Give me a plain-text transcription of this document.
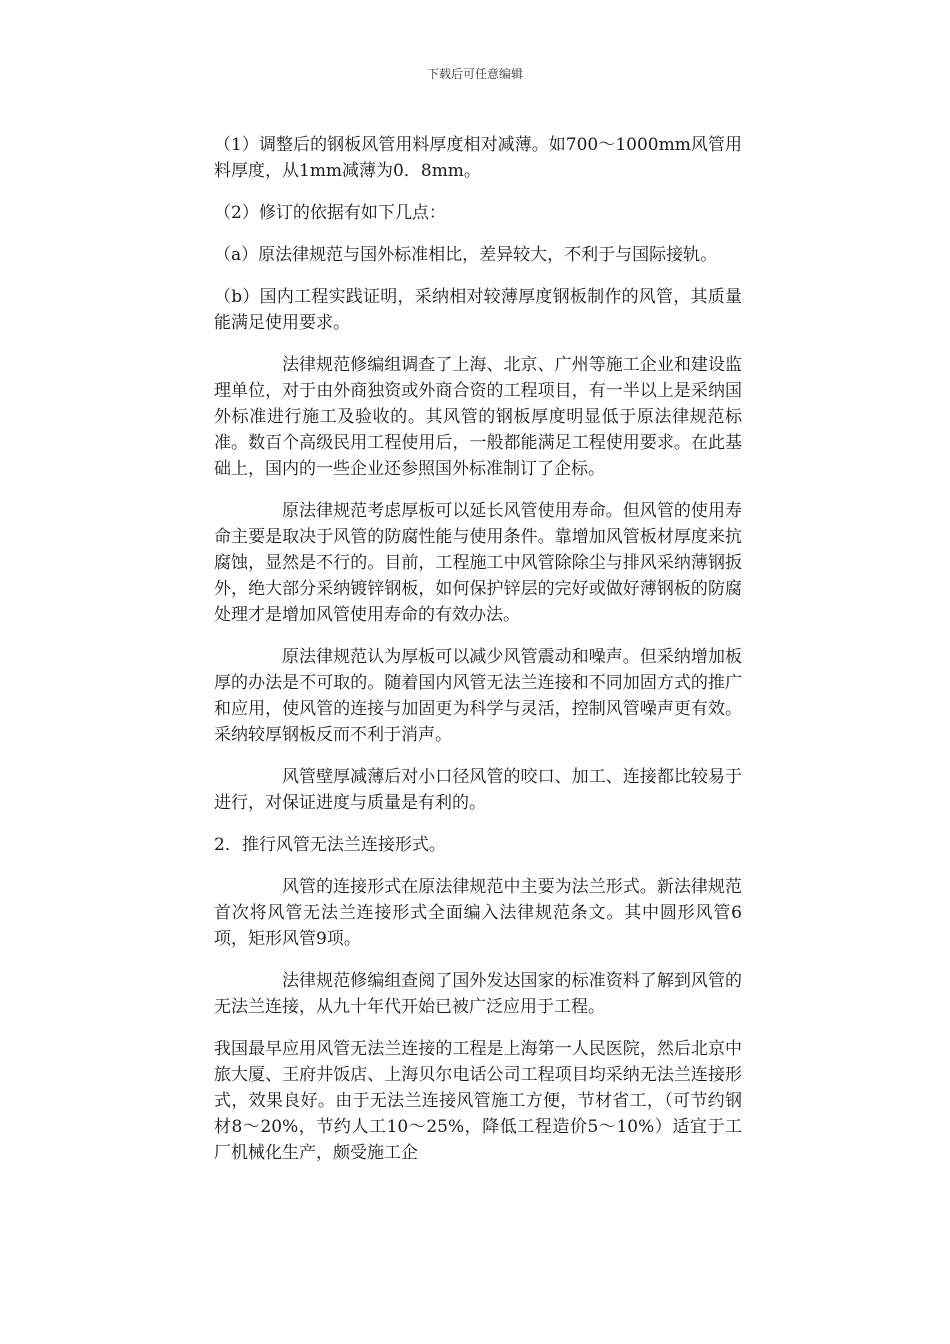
下载后可任意编辑

（1）调整后的钢板风管用料厚度相对减薄。如700～1000mm风管用料厚度，从1mm减薄为0．8mm。

（2）修订的依据有如下几点：

（a）原法律规范与国外标准相比，差异较大，不利于与国际接轨。

（b）国内工程实践证明，采纳相对较薄厚度钢板制作的风管，其质量能满足使用要求。

法律规范修编组调查了上海、北京、广州等施工企业和建设监理单位，对于由外商独资或外商合资的工程项目，有一半以上是采纳国外标准进行施工及验收的。其风管的钢板厚度明显低于原法律规范标准。数百个高级民用工程使用后，一般都能满足工程使用要求。在此基础上，国内的一些企业还参照国外标准制订了企标。

原法律规范考虑厚板可以延长风管使用寿命。但风管的使用寿命主要是取决于风管的防腐性能与使用条件。靠增加风管板材厚度来抗腐蚀，显然是不行的。目前，工程施工中风管除除尘与排风采纳薄钢扳外，绝大部分采纳镀锌钢板，如何保护锌层的完好或做好薄钢板的防腐处理才是增加风管使用寿命的有效办法。

原法律规范认为厚板可以减少风管震动和噪声。但采纳增加板厚的办法是不可取的。随着国内风管无法兰连接和不同加固方式的推广和应用，使风管的连接与加固更为科学与灵活，控制风管噪声更有效。采纳较厚钢板反而不利于消声。

风管壁厚减薄后对小口径风管的咬口、加工、连接都比较易于进行，对保证进度与质量是有利的。

2．推行风管无法兰连接形式。

风管的连接形式在原法律规范中主要为法兰形式。新法律规范首次将风管无法兰连接形式全面编入法律规范条文。其中圆形风管6项，矩形风管9项。

法律规范修编组查阅了国外发达国家的标准资料了解到风管的无法兰连接，从九十年代开始已被广泛应用于工程。

我国最早应用风管无法兰连接的工程是上海第一人民医院，然后北京中旅大厦、王府井饭店、上海贝尔电话公司工程项目均采纳无法兰连接形式，效果良好。由于无法兰连接风管施工方便，节材省工，（可节约钢材8～20%，节约人工10～25%，降低工程造价5～10%）适宜于工厂机械化生产，颇受施工企
